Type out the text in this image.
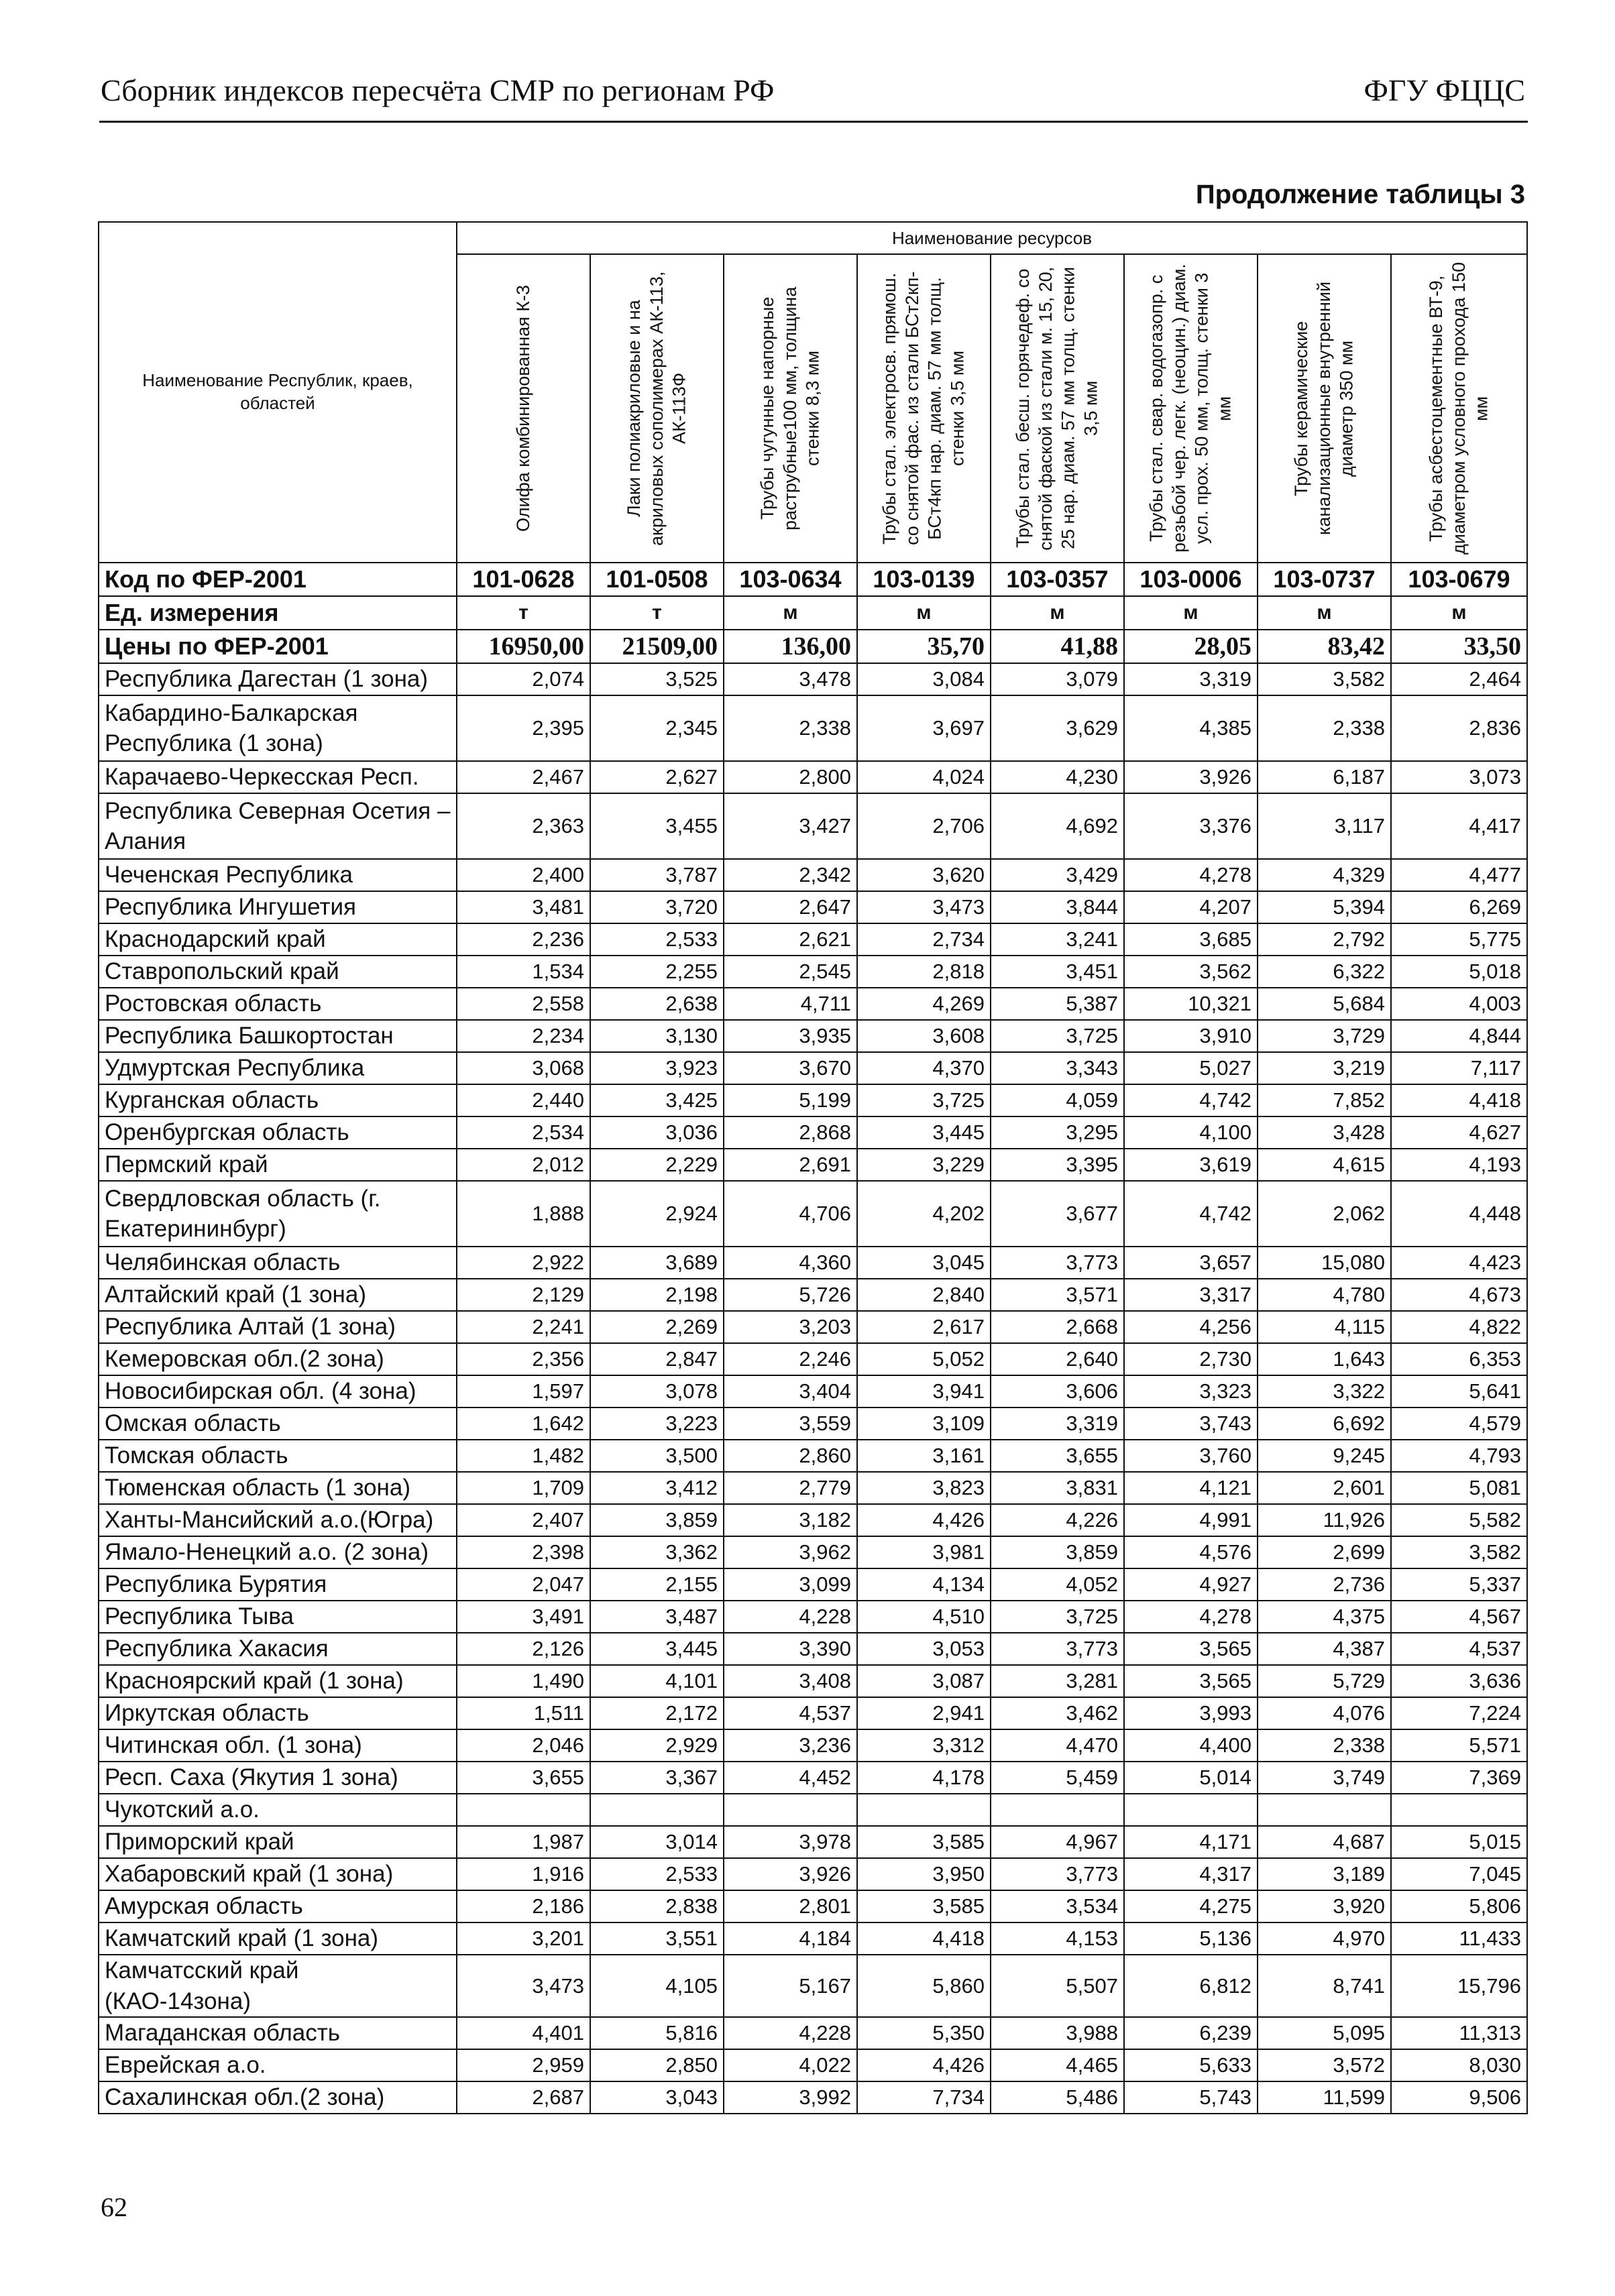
Сборник индексов пересчёта СМР по регионам РФ	ФГУ ФЦЦС
Продолжение таблицы 3
Наименование Республик, краев, областей	Наименование ресурсов							

	Олифа комбинированная К-3	Лаки полиакриловые и на акриловых сополимерах АК-113, АК-113Ф	Трубы чугунные напорные раструбные100 мм, толщина стенки 8,3 мм	Трубы стал. электросв. прямош. со снятой фас. из стали БСт2кп-БСт4кп нар. диам. 57 мм толщ. стенки 3,5 мм	Трубы стал. бесш. горячедеф. со снятой фаской из стали м. 15, 20, 25 нар. диам. 57 мм толщ. стенки 3,5 мм	Трубы стал. свар. водогазопр. с резьбой чер. легк. (неоцин.) диам. усл. прох. 50 мм, толщ. стенки 3 мм	Трубы керамические канализационные внутренний диаметр 350 мм	Трубы асбестоцементные ВТ-9, диаметром условного прохода 150 мм

Код по ФЕР-2001	101-0628	101-0508	103-0634	103-0139	103-0357	103-0006	103-0737	103-0679
Ед. измерения	т	т	м	м	м	м	м	м
Цены по ФЕР-2001	16950,00	21509,00	136,00	35,70	41,88	28,05	83,42	33,50
Республика Дагестан (1 зона)	2,074	3,525	3,478	3,084	3,079	3,319	3,582	2,464
Кабардино-Балкарская Республика (1 зона)	2,395	2,345	2,338	3,697	3,629	4,385	2,338	2,836
Карачаево-Черкесская Респ.	2,467	2,627	2,800	4,024	4,230	3,926	6,187	3,073
Республика Северная Осетия – Алания	2,363	3,455	3,427	2,706	4,692	3,376	3,117	4,417
Чеченская Республика	2,400	3,787	2,342	3,620	3,429	4,278	4,329	4,477
Республика Ингушетия	3,481	3,720	2,647	3,473	3,844	4,207	5,394	6,269
Краснодарский край	2,236	2,533	2,621	2,734	3,241	3,685	2,792	5,775
Ставропольский край	1,534	2,255	2,545	2,818	3,451	3,562	6,322	5,018
Ростовская область	2,558	2,638	4,711	4,269	5,387	10,321	5,684	4,003
Республика Башкортостан	2,234	3,130	3,935	3,608	3,725	3,910	3,729	4,844
Удмуртская Республика	3,068	3,923	3,670	4,370	3,343	5,027	3,219	7,117
Курганская область	2,440	3,425	5,199	3,725	4,059	4,742	7,852	4,418
Оренбургская область	2,534	3,036	2,868	3,445	3,295	4,100	3,428	4,627
Пермский край	2,012	2,229	2,691	3,229	3,395	3,619	4,615	4,193
Свердловская область (г. Екатерининбург)	1,888	2,924	4,706	4,202	3,677	4,742	2,062	4,448
Челябинская область	2,922	3,689	4,360	3,045	3,773	3,657	15,080	4,423
Алтайский край (1 зона)	2,129	2,198	5,726	2,840	3,571	3,317	4,780	4,673
Республика Алтай (1 зона)	2,241	2,269	3,203	2,617	2,668	4,256	4,115	4,822
Кемеровская обл.(2 зона)	2,356	2,847	2,246	5,052	2,640	2,730	1,643	6,353
Новосибирская обл. (4 зона)	1,597	3,078	3,404	3,941	3,606	3,323	3,322	5,641
Омская область	1,642	3,223	3,559	3,109	3,319	3,743	6,692	4,579
Томская область	1,482	3,500	2,860	3,161	3,655	3,760	9,245	4,793
Тюменская область (1 зона)	1,709	3,412	2,779	3,823	3,831	4,121	2,601	5,081
Ханты-Мансийский а.о.(Югра)	2,407	3,859	3,182	4,426	4,226	4,991	11,926	5,582
Ямало-Ненецкий а.о. (2 зона)	2,398	3,362	3,962	3,981	3,859	4,576	2,699	3,582
Республика Бурятия	2,047	2,155	3,099	4,134	4,052	4,927	2,736	5,337
Республика Тыва	3,491	3,487	4,228	4,510	3,725	4,278	4,375	4,567
Республика Хакасия	2,126	3,445	3,390	3,053	3,773	3,565	4,387	4,537
Красноярский край (1 зона)	1,490	4,101	3,408	3,087	3,281	3,565	5,729	3,636
Иркутская область	1,511	2,172	4,537	2,941	3,462	3,993	4,076	7,224
Читинская обл. (1 зона)	2,046	2,929	3,236	3,312	4,470	4,400	2,338	5,571
Респ. Саха (Якутия 1 зона)	3,655	3,367	4,452	4,178	5,459	5,014	3,749	7,369
Чукотский а.о.								
Приморский край	1,987	3,014	3,978	3,585	4,967	4,171	4,687	5,015
Хабаровский край (1 зона)	1,916	2,533	3,926	3,950	3,773	4,317	3,189	7,045
Амурская область	2,186	2,838	2,801	3,585	3,534	4,275	3,920	5,806
Камчатский край (1 зона)	3,201	3,551	4,184	4,418	4,153	5,136	4,970	11,433
Камчатсский край (КАО-14зона)	3,473	4,105	5,167	5,860	5,507	6,812	8,741	15,796
Магаданская область	4,401	5,816	4,228	5,350	3,988	6,239	5,095	11,313
Еврейская а.о.	2,959	2,850	4,022	4,426	4,465	5,633	3,572	8,030
Сахалинская обл.(2 зона)	2,687	3,043	3,992	7,734	5,486	5,743	11,599	9,506
62
